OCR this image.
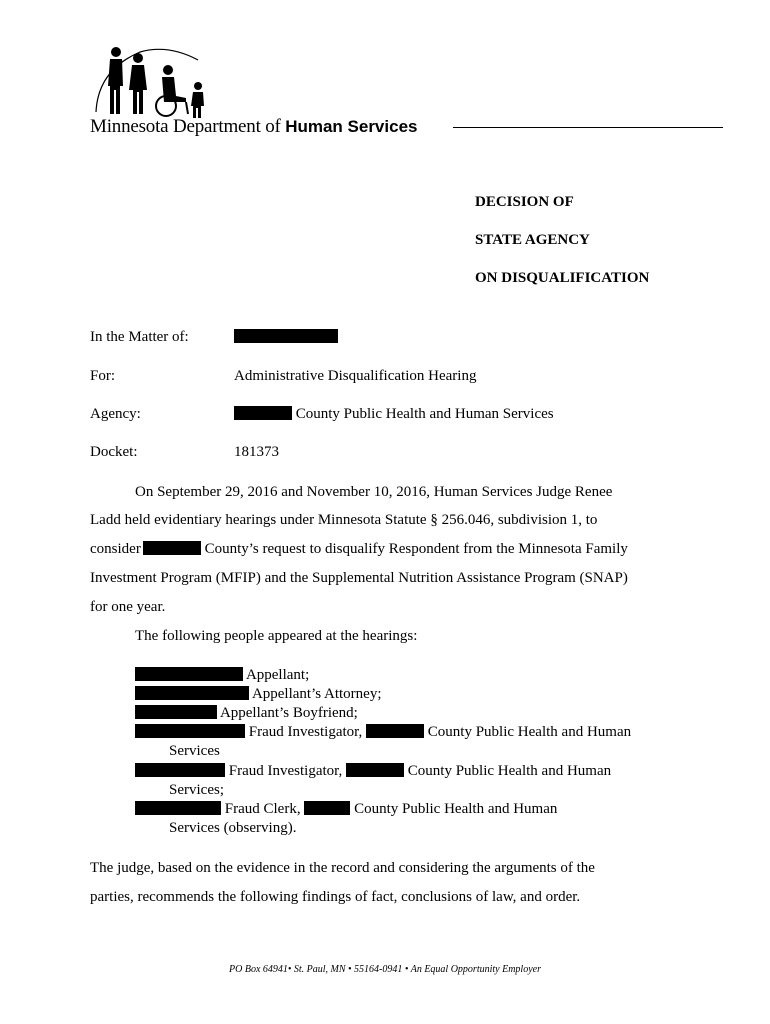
Minnesota Department of Human Services
DECISION OF
STATE AGENCY
ON DISQUALIFICATION
In the Matter of:
For:	Administrative Disqualification Hearing
Agency:	County Public Health and Human Services
Docket:	181373
On September 29, 2016 and November 10, 2016, Human Services Judge Renee
Ladd held evidentiary hearings under Minnesota Statute § 256.046, subdivision 1, to
consider	County’s request to disqualify Respondent from the Minnesota Family
Investment Program (MFIP) and the Supplemental Nutrition Assistance Program (SNAP)
for one year.
The following people appeared at the hearings:
Appellant;
Appellant’s Attorney;
Appellant’s Boyfriend;
Fraud Investigator,	County Public Health and Human
Services
Fraud Investigator,	County Public Health and Human
Services;
Fraud Clerk,	County Public Health and Human
Services (observing).
The judge, based on the evidence in the record and considering the arguments of the
parties, recommends the following findings of fact, conclusions of law, and order.
PO Box 64941• St. Paul, MN • 55164-0941 • An Equal Opportunity Employer
